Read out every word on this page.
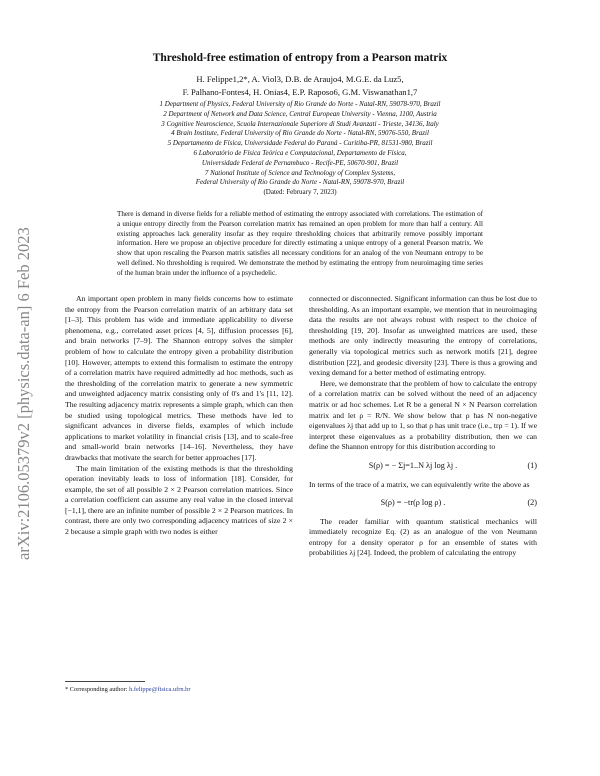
arXiv:2106.05379v2 [physics.data-an] 6 Feb 2023
Threshold-free estimation of entropy from a Pearson matrix
H. Felippe1,2*, A. Viol3, D.B. de Araujo4, M.G.E. da Luz5,
F. Palhano-Fontes4, H. Onias4, E.P. Raposo6, G.M. Viswanathan1,7
1 Department of Physics, Federal University of Rio Grande do Norte - Natal-RN, 59078-970, Brazil
2 Department of Network and Data Science, Central European University - Vienna, 1100, Austria
3 Cognitive Neuroscience, Scuola Internazionale Superiore di Studi Avanzati - Trieste, 34136, Italy
4 Brain Institute, Federal University of Rio Grande do Norte - Natal-RN, 59076-550, Brazil
5 Departamento de Física, Universidade Federal do Paraná - Curitiba-PR, 81531-980, Brazil
6 Laboratório de Física Teórica e Computacional, Departamento de Física,
Universidade Federal de Pernambuco - Recife-PE, 50670-901, Brazil
7 National Institute of Science and Technology of Complex Systems,
Federal University of Rio Grande do Norte - Natal-RN, 59078-970, Brazil
(Dated: February 7, 2023)
There is demand in diverse fields for a reliable method of estimating the entropy associated with correlations. The estimation of a unique entropy directly from the Pearson correlation matrix has remained an open problem for more than half a century. All existing approaches lack generality insofar as they require thresholding choices that arbitrarily remove possibly important information. Here we propose an objective procedure for directly estimating a unique entropy of a general Pearson matrix. We show that upon rescaling the Pearson matrix satisfies all necessary conditions for an analog of the von Neumann entropy to be well defined. No thresholding is required. We demonstrate the method by estimating the entropy from neuroimaging time series of the human brain under the influence of a psychedelic.

An important open problem in many fields concerns how to estimate the entropy from the Pearson correlation matrix of an arbitrary data set [1–3]. This problem has wide and immediate applicability to diverse phenomena, e.g., correlated asset prices [4, 5], diffusion processes [6], and brain networks [7–9]. The Shannon entropy solves the simpler problem of how to calculate the entropy given a probability distribution [10]. However, attempts to extend this formalism to estimate the entropy of a correlation matrix have required admittedly ad hoc methods, such as the thresholding of the correlation matrix to generate a new symmetric and unweighted adjacency matrix consisting only of 0's and 1's [11, 12]. The resulting adjacency matrix represents a simple graph, which can then be studied using topological metrics. These methods have led to significant advances in diverse fields, examples of which include applications to market volatility in financial crisis [13], and to scale-free and small-world brain networks [14–16]. Nevertheless, they have drawbacks that motivate the search for better approaches [17].

The main limitation of the existing methods is that the thresholding operation inevitably leads to loss of information [18]. Consider, for example, the set of all possible 2 × 2 Pearson correlation matrices. Since a correlation coefficient can assume any real value in the closed interval [−1,1], there are an infinite number of possible 2 × 2 Pearson matrices. In contrast, there are only two corresponding adjacency matrices of size 2 × 2 because a simple graph with two nodes is either

connected or disconnected. Significant information can thus be lost due to thresholding. As an important example, we mention that in neuroimaging data the results are not always robust with respect to the choice of thresholding [19, 20]. Insofar as unweighted matrices are used, these methods are only indirectly measuring the entropy of correlations, generally via topological metrics such as network motifs [21], degree distribution [22], and geodesic diversity [23]. There is thus a growing and vexing demand for a better method of estimating entropy.

Here, we demonstrate that the problem of how to calculate the entropy of a correlation matrix can be solved without the need of an adjacency matrix or ad hoc schemes. Let R be a general N × N Pearson correlation matrix and let ρ = R/N. We show below that ρ has N non-negative eigenvalues λj that add up to 1, so that ρ has unit trace (i.e., trρ = 1). If we interpret these eigenvalues as a probability distribution, then we can define the Shannon entropy for this distribution according to

S(ρ) = − Σj=1..N λj log λj .	(1)

In terms of the trace of a matrix, we can equivalently write the above as

S(ρ) = −tr(ρ log ρ) .	(2)

The reader familiar with quantum statistical mechanics will immediately recognize Eq. (2) as an analogue of the von Neumann entropy for a density operator ρ for an ensemble of states with probabilities λj [24]. Indeed, the problem of calculating the entropy

* Corresponding author: h.felippe@fisica.ufrn.br
